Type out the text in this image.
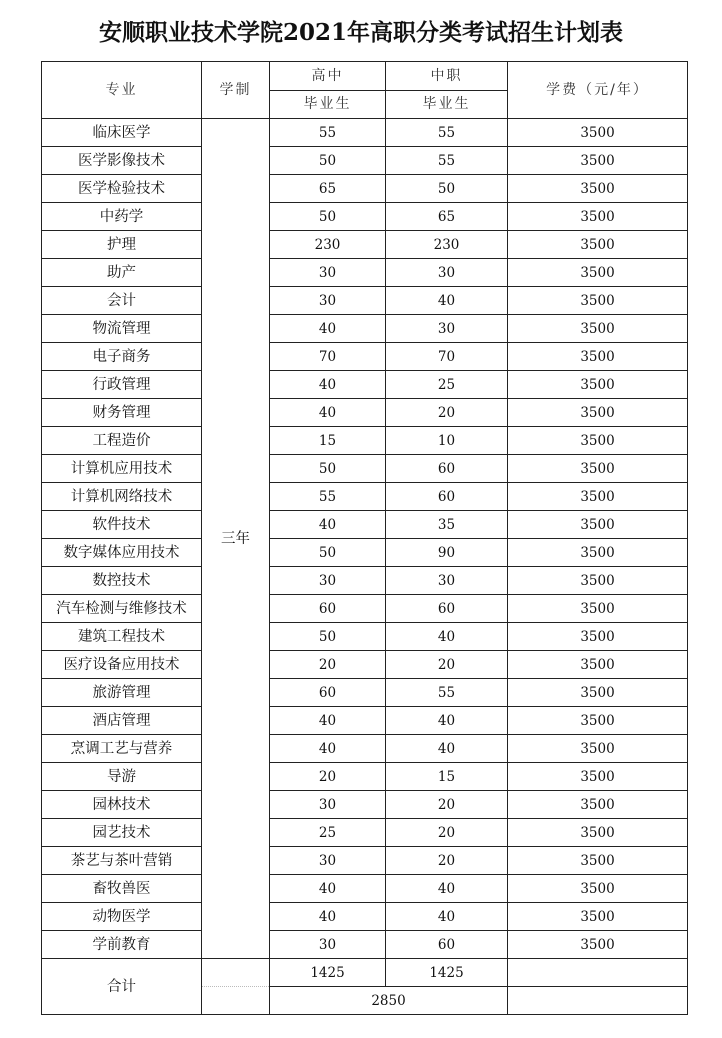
安顺职业技术学院2021年高职分类考试招生计划表
专业	学制	高中	中职	学费（元/年）
		毕业生	毕业生	
临床医学	三年	55	55	3500
医学影像技术		50	55	3500
医学检验技术		65	50	3500
中药学		50	65	3500
护理		230	230	3500
助产		30	30	3500
会计		30	40	3500
物流管理		40	30	3500
电子商务		70	70	3500
行政管理		40	25	3500
财务管理		40	20	3500
工程造价		15	10	3500
计算机应用技术		50	60	3500
计算机网络技术		55	60	3500
软件技术		40	35	3500
数字媒体应用技术		50	90	3500
数控技术		30	30	3500
汽车检测与维修技术		60	60	3500
建筑工程技术		50	40	3500
医疗设备应用技术		20	20	3500
旅游管理		60	55	3500
酒店管理		40	40	3500
烹调工艺与营养		40	40	3500
导游		20	15	3500
园林技术		30	20	3500
园艺技术		25	20	3500
茶艺与茶叶营销		30	20	3500
畜牧兽医		40	40	3500
动物医学		40	40	3500
学前教育		30	60	3500
合计		1425	1425	
		2850		
